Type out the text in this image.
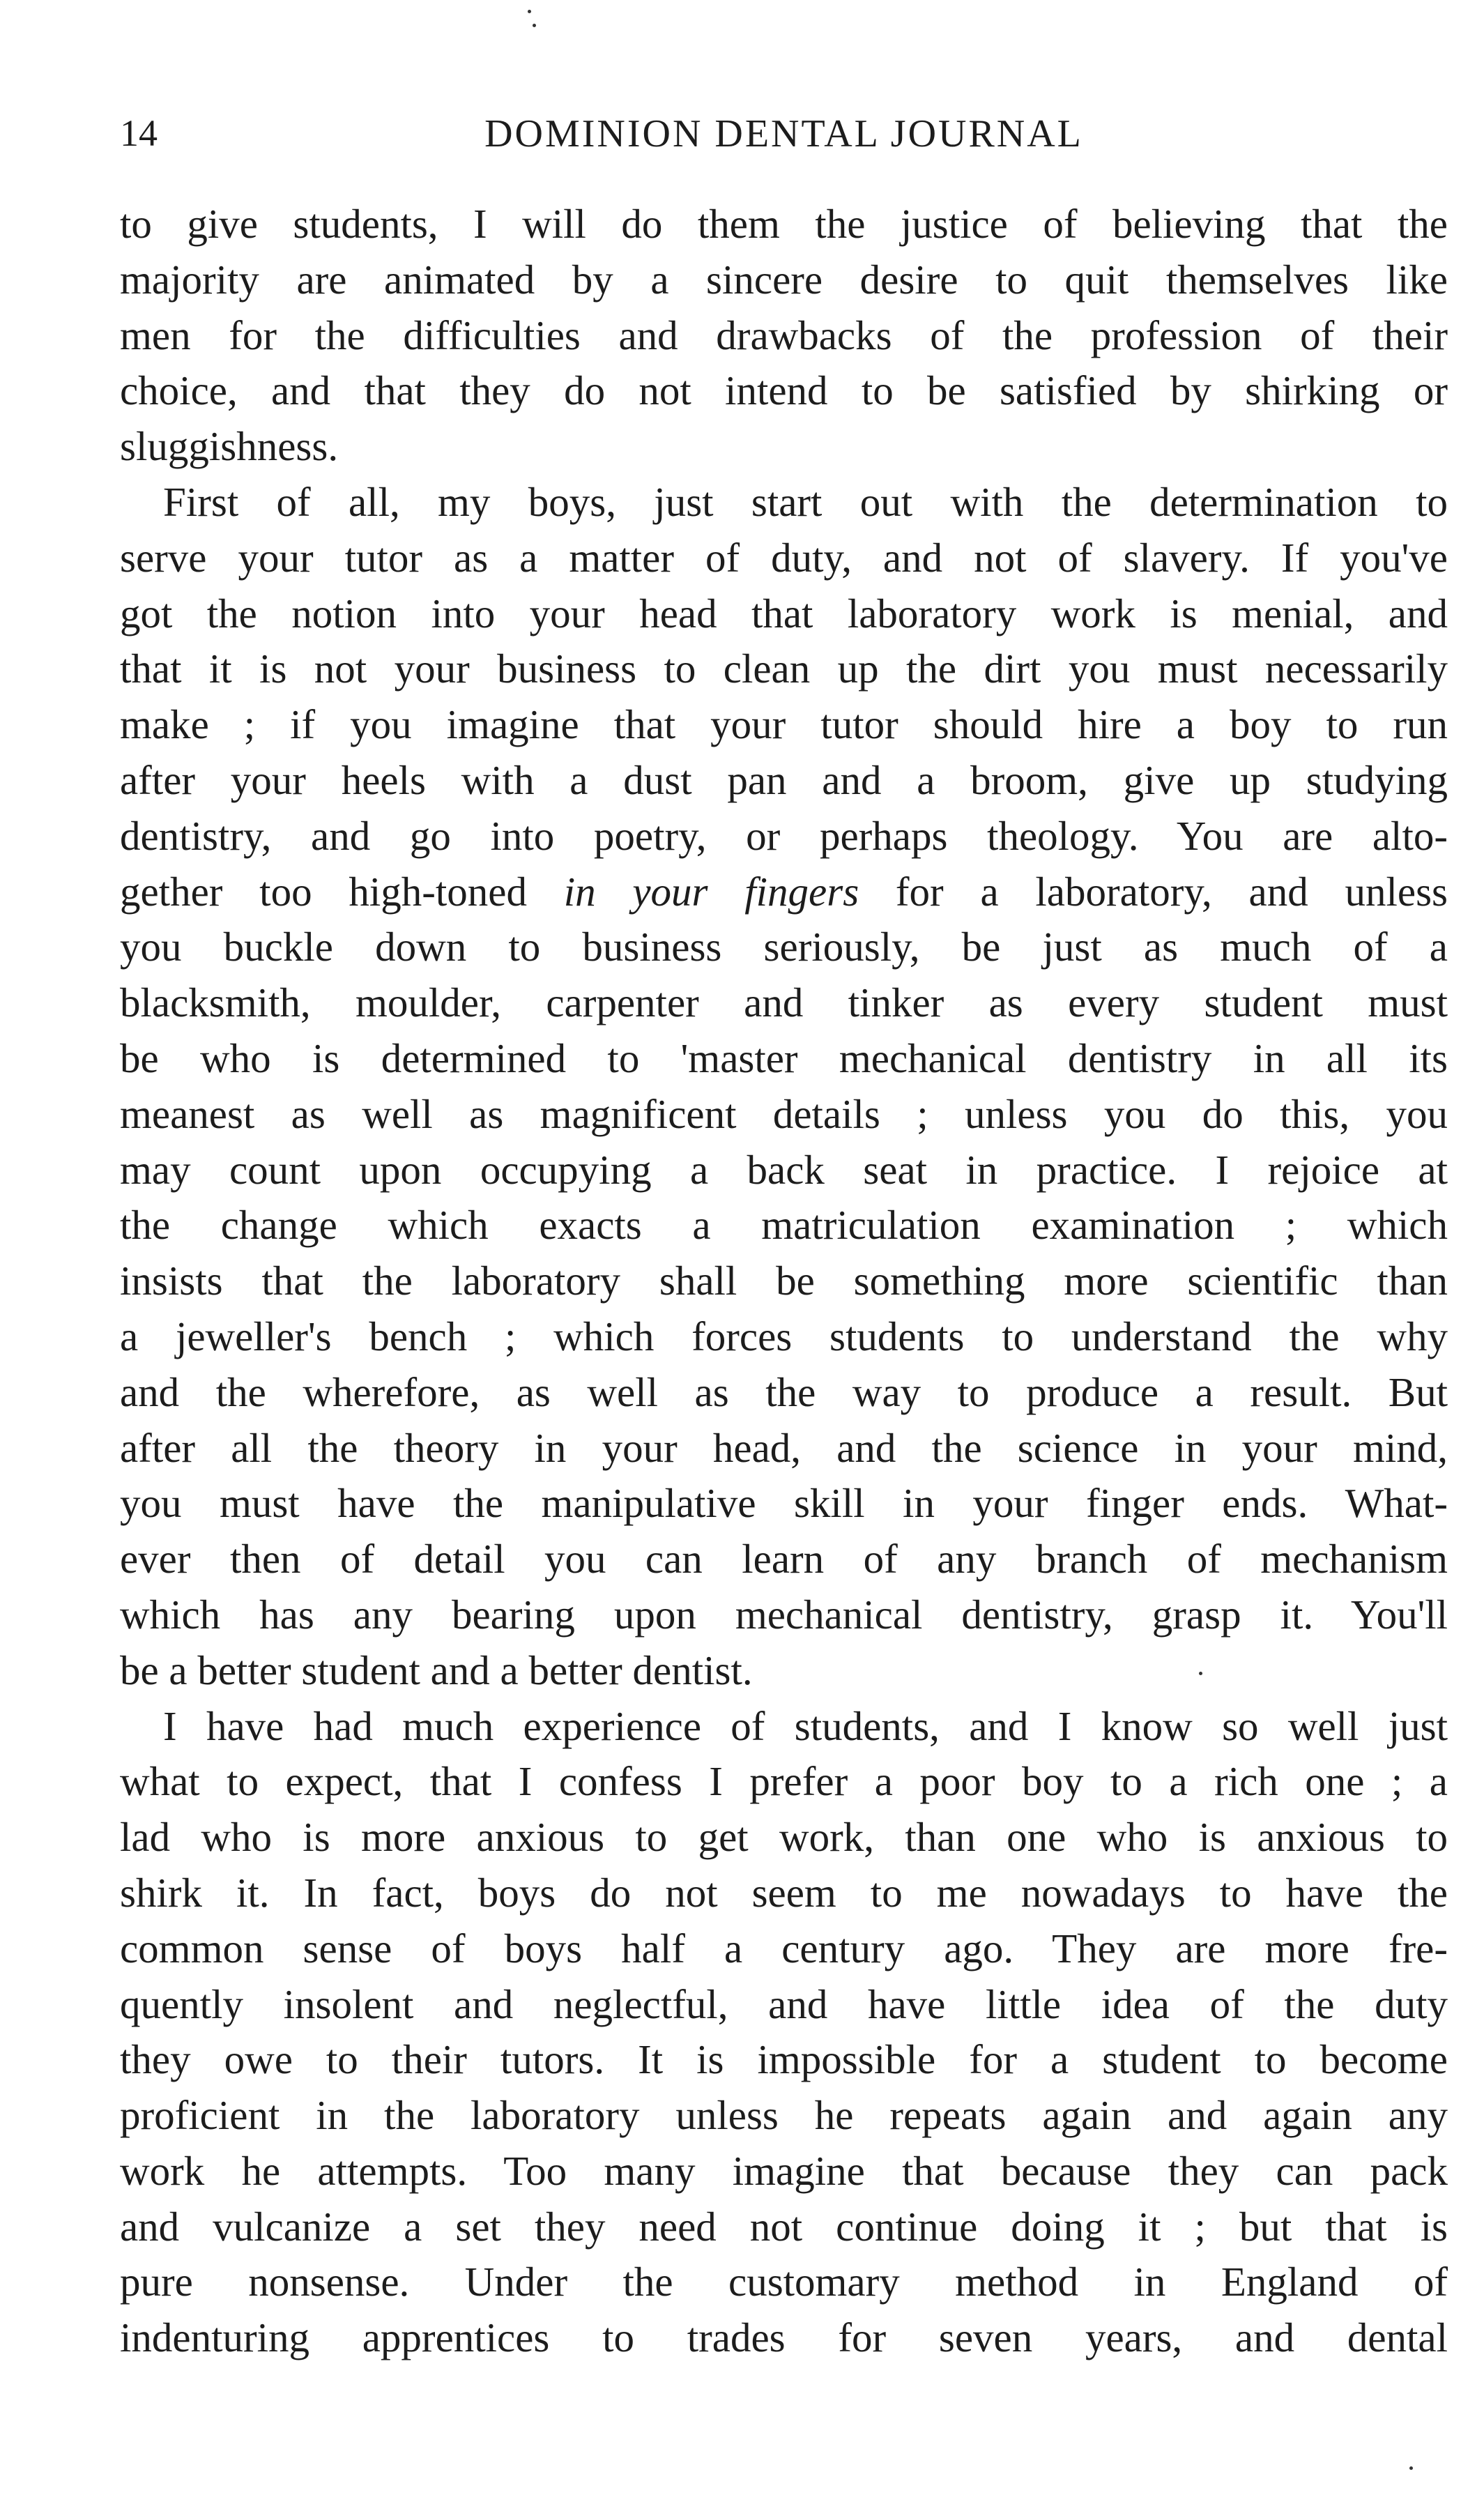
14	DOMINION DENTAL JOURNAL
to give students, I will do them the justice of believing that the
majority are animated by a sincere desire to quit themselves like
men for the difficulties and drawbacks of the profession of their
choice, and that they do not intend to be satisfied by shirking or
sluggishness.
First of all, my boys, just start out with the determination to
serve your tutor as a matter of duty, and not of slavery. If you've
got the notion into your head that laboratory work is menial, and
that it is not your business to clean up the dirt you must necessarily
make ; if you imagine that your tutor should hire a boy to run
after your heels with a dust pan and a broom, give up studying
dentistry, and go into poetry, or perhaps theology. You are alto-
gether too high-toned in your fingers for a laboratory, and unless
you buckle down to business seriously, be just as much of a
blacksmith, moulder, carpenter and tinker as every student must
be who is determined to 'master mechanical dentistry in all its
meanest as well as magnificent details ; unless you do this, you
may count upon occupying a back seat in practice. I rejoice at
the change which exacts a matriculation examination ; which
insists that the laboratory shall be something more scientific than
a jeweller's bench ; which forces students to understand the why
and the wherefore, as well as the way to produce a result. But
after all the theory in your head, and the science in your mind,
you must have the manipulative skill in your finger ends. What-
ever then of detail you can learn of any branch of mechanism
which has any bearing upon mechanical dentistry, grasp it. You'll
be a better student and a better dentist.
I have had much experience of students, and I know so well just
what to expect, that I confess I prefer a poor boy to a rich one ; a
lad who is more anxious to get work, than one who is anxious to
shirk it. In fact, boys do not seem to me nowadays to have the
common sense of boys half a century ago. They are more fre-
quently insolent and neglectful, and have little idea of the duty
they owe to their tutors. It is impossible for a student to become
proficient in the laboratory unless he repeats again and again any
work he attempts. Too many imagine that because they can pack
and vulcanize a set they need not continue doing it ; but that is
pure nonsense. Under the customary method in England of
indenturing apprentices to trades for seven years, and dental
